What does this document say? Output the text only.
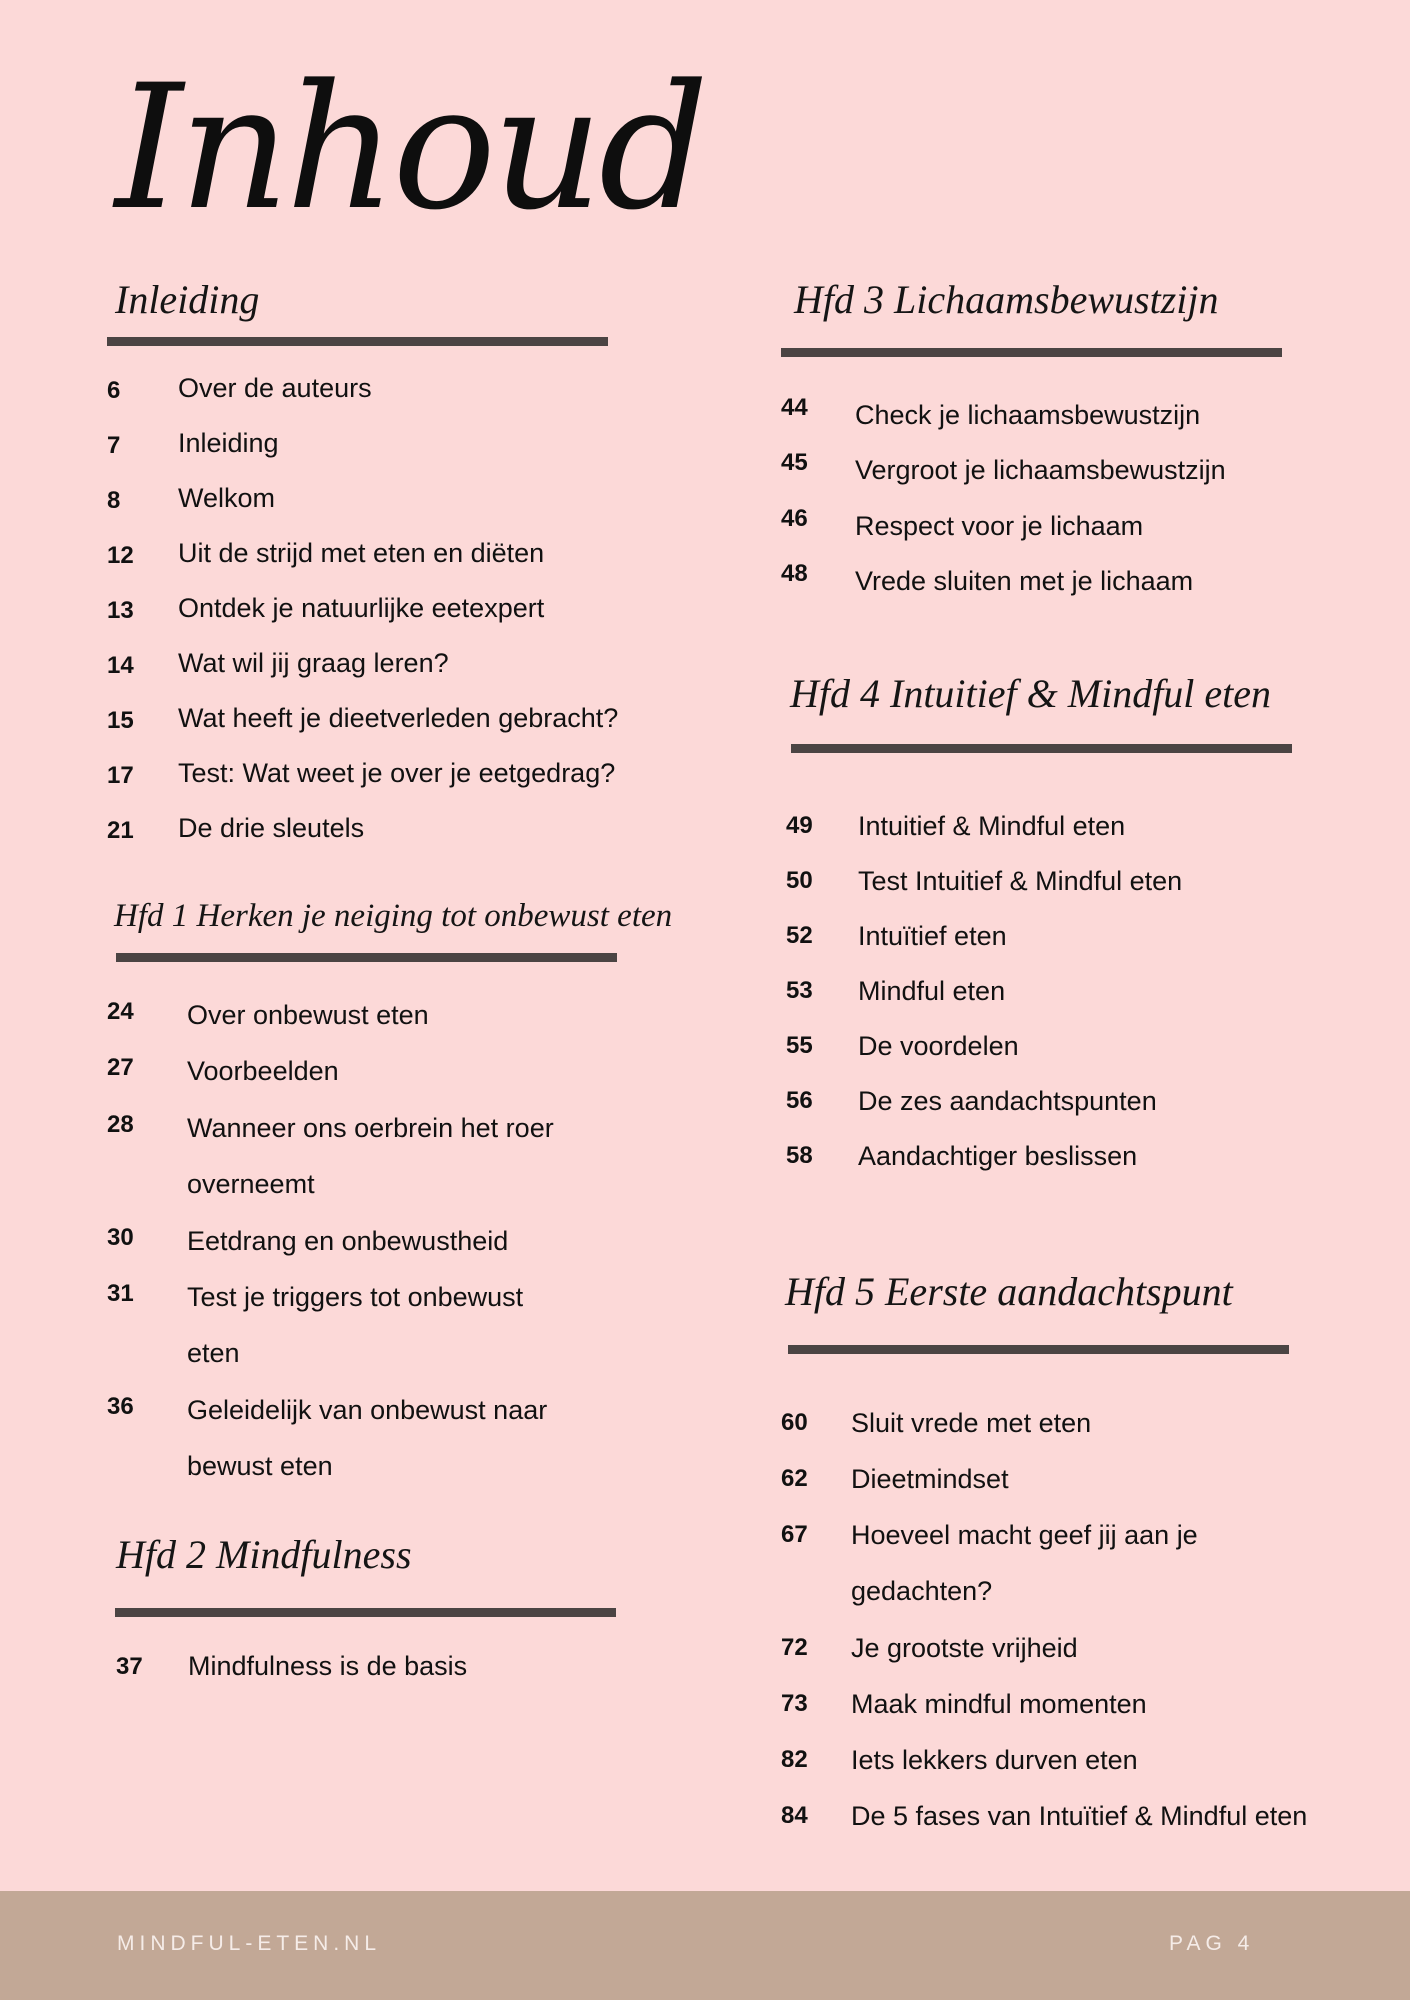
Inhoud
Inleiding
6 Over de auteurs
7 Inleiding
8 Welkom
12 Uit de strijd met eten en diëten
13 Ontdek je natuurlijke eetexpert
14 Wat wil jij graag leren?
15 Wat heeft je dieetverleden gebracht?
17 Test: Wat weet je over je eetgedrag?
21 De drie sleutels
Hfd 1 Herken je neiging tot onbewust eten
24 Over onbewust eten
27 Voorbeelden
28 Wanneer ons oerbrein het roer
overneemt
30 Eetdrang en onbewustheid
31 Test je triggers tot onbewust
eten
36 Geleidelijk van onbewust naar
bewust eten
Hfd 2 Mindfulness
37 Mindfulness is de basis
Hfd 3 Lichaamsbewustzijn
44 Check je lichaamsbewustzijn
45 Vergroot je lichaamsbewustzijn
46 Respect voor je lichaam
48 Vrede sluiten met je lichaam
Hfd 4 Intuitief & Mindful eten
49 Intuitief & Mindful eten
50 Test Intuitief & Mindful eten
52 Intuïtief eten
53 Mindful eten
55 De voordelen
56 De zes aandachtspunten
58 Aandachtiger beslissen
Hfd 5 Eerste aandachtspunt
60 Sluit vrede met eten
62 Dieetmindset
67 Hoeveel macht geef jij aan je
gedachten?
72 Je grootste vrijheid
73 Maak mindful momenten
82 Iets lekkers durven eten
84 De 5 fases van Intuïtief & Mindful eten
MINDFUL-ETEN.NL	PAG 4
